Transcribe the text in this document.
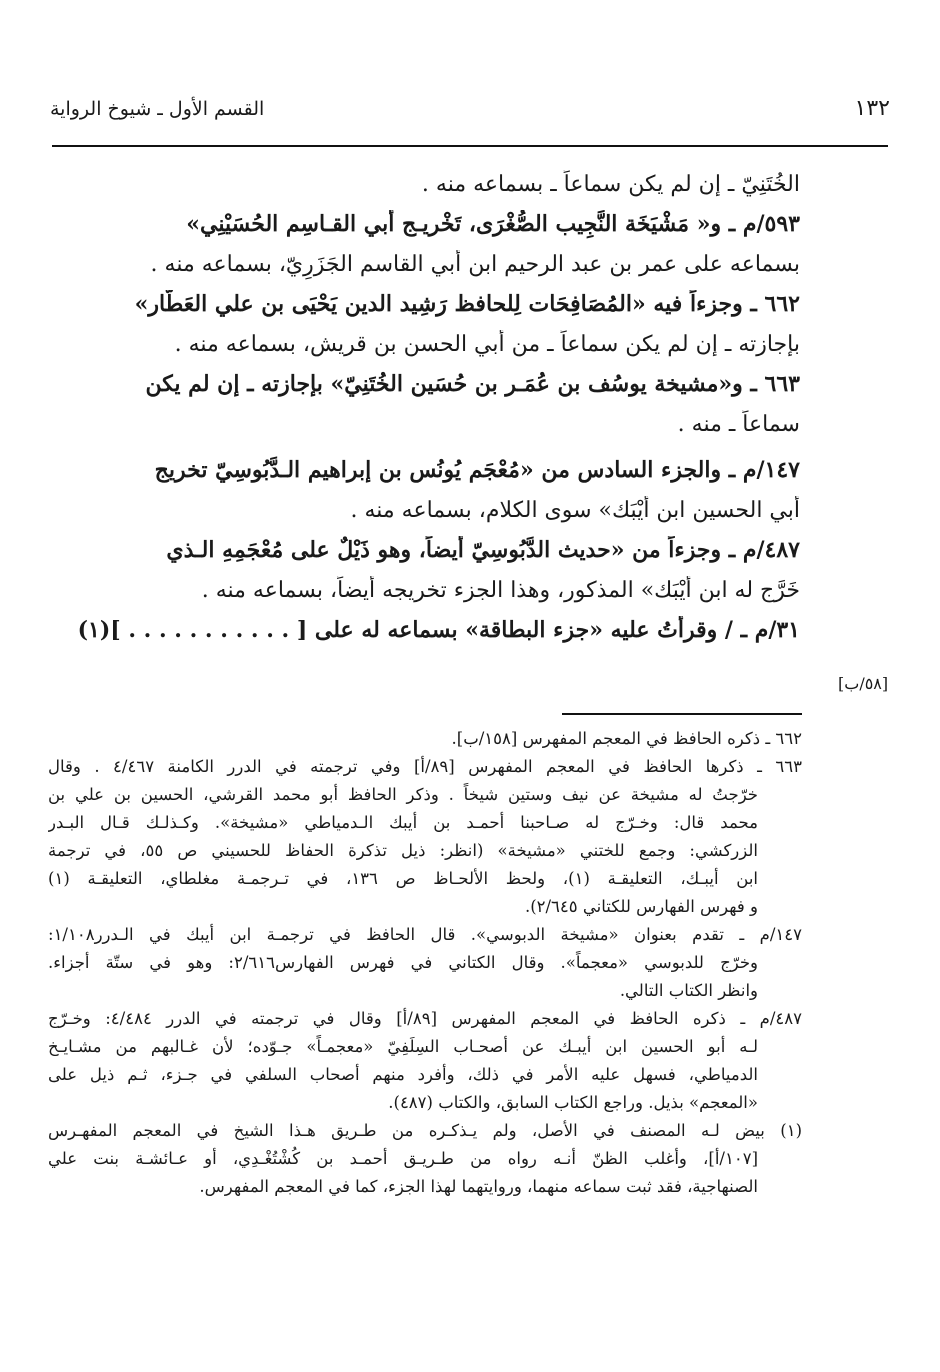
١٣٢
القسم الأول ـ شيوخ الرواية
الخُتَنِيّ ـ إن لم يكن سماعاً ـ بسماعه منه .
٥٩٣/م ـ و« مَشْيَخَة النَّجِيب الصُّغْرَى، تَخْريـج أبي القـاسِم الحُسَيْنِي»
بسماعه على عمر بن عبد الرحيم ابن أبي القاسم الجَزَرِيّ، بسماعه منه .
٦٦٢ ـ وجزءاً فيه «المُصَافِحَات لِلحافظ رَشِيد الدين يَحْيَى بن علي العَطَّار»
بإجازته ـ إن لم يكن سماعاً ـ من أبي الحسن بن قريش، بسماعه منه .
٦٦٣ ـ و«مشيخة يوسُف بن عُمَـر بن حُسَين الخُتَنِيّ» بإجازته ـ إن لم يكن
سماعاً ـ منه .
١٤٧/م ـ والجزء السادس من «مُعْجَم يُونُس بن إبراهيم الـدَّبُوسِيّ تخريج
أبي الحسين ابن أَيْبَك» سوى الكلام، بسماعه منه .
٤٨٧/م ـ وجزءاً من «حديث الدَّبُوسِيّ أيضاً، وهو ذَيْلٌ على مُعْجَمِهِ الـذي
خَرَّج له ابن أَيْبَك» المذكور، وهذا الجزء تخريجه أيضاً، بسماعه منه .
٣١/م ـ / وقرأتُ عليه «جزء البطاقة» بسماعه له على [ . . . . . . . . . . . ](١)
[٥٨/ب]
٦٦٢ ـ ذكره الحافظ في المعجم المفهرس [١٥٨/ب].
٦٦٣ ـ ذكرها الحافظ في المعجم المفهرس [٨٩/أ] وفي ترجمته في الدرر الكامنة ٤/٤٦٧ . وقال
خرّجتُ له مشيخة عن نيف وستين شيخاً . وذكر الحافظ أبو محمد القرشي، الحسين بن علي بن
محمد قال: وخـرّج له صـاحبنا أحمـد بن أيبك الـدمياطي «مشيخة». وكـذلـك قـال البـدر
الزركشي: وجمع للختني «مشيخة» (انظر: ذيل تذكرة الحفاظ للحسيني ص ٥٥، في ترجمة
ابن أيبـك، التعليقـة (١)، ولحظ الألحـاظ ص ١٣٦، في تـرجمـة مغلطاي، التعليقـة (١)
و فهرس الفهارس للكتاني ٢/٦٤٥).
١٤٧/م ـ تقدم بعنوان «مشيخة الدبوسي». قال الحافظ في ترجمـة ابن أيبك في الـدرر١/١٠٨:
وخرّج للدبوسي «معجماً». وقال الكتاني في فهرس الفهارس٢/٦١٦: وهو في ستّة أجزاء.
وانظر الكتاب التالي.
٤٨٧/م ـ ذكره الحافظ في المعجم المفهرس [٨٩/أ] وقال في ترجمته في الدرر ٤/٤٨٤: وخـرّج
لـه أبو الحسين ابن أيبـك عن أصحـاب السِلَفِيّ «معجمـاً» جـوّده؛ لأن غـالبهم من مشـايـخ
الدمياطي، فسهل عليه الأمر في ذلك، وأفرد منهم أصحاب السلفي في جـزء، ثـم ذيل على
«المعجم» بذيل. وراجع الكتاب السابق، والكتاب (٤٨٧).
(١) بيض لـه المصنف في الأصل، ولم يـذكـره من طـريق هـذا الشيخ في المعجم المفهـرس
[١٠٧/أ]، وأغلب الظنّ أنـه رواه من طـريـق أحمـد بن كُشْتُغْـدِي، أو عـائشـة بنت علي
الصنهاجية، فقد ثبت سماعه منهما، وروايتهما لهذا الجزء، كما في المعجم المفهرس.
